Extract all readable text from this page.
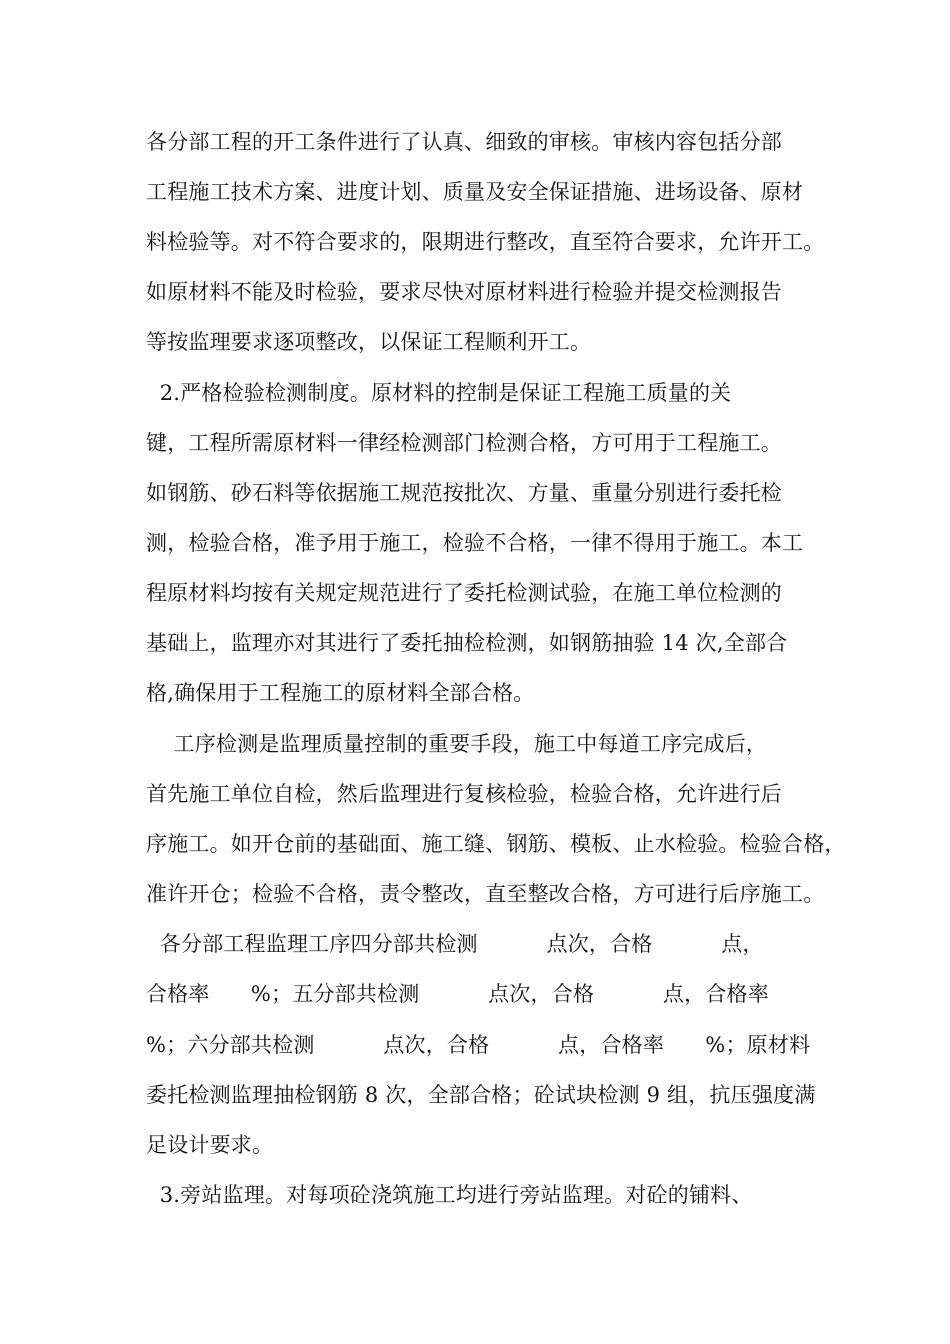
各分部工程的开工条件进行了认真、细致的审核。审核内容包括分部
工程施工技术方案、进度计划、质量及安全保证措施、进场设备、原材
料检验等。对不符合要求的，限期进行整改，直至符合要求，允许开工。
如原材料不能及时检验，要求尽快对原材料进行检验并提交检测报告
等按监理要求逐项整改，以保证工程顺利开工。
2.严格检验检测制度。原材料的控制是保证工程施工质量的关
键，工程所需原材料一律经检测部门检测合格，方可用于工程施工。
如钢筋、砂石料等依据施工规范按批次、方量、重量分别进行委托检
测，检验合格，准予用于施工，检验不合格，一律不得用于施工。本工
程原材料均按有关规定规范进行了委托检测试验，在施工单位检测的
基础上，监理亦对其进行了委托抽检检测，如钢筋抽验 14 次,全部合
格,确保用于工程施工的原材料全部合格。
工序检测是监理质量控制的重要手段，施工中每道工序完成后，
首先施工单位自检，然后监理进行复核检验，检验合格，允许进行后
序施工。如开仓前的基础面、施工缝、钢筋、模板、止水检验。检验合格，
准许开仓；检验不合格，责令整改，直至整改合格，方可进行后序施工。
各分部工程监理工序四分部共检测          点次，合格          点，
合格率      %；五分部共检测          点次，合格          点，合格率
%；六分部共检测          点次，合格          点，合格率      %；原材料
委托检测监理抽检钢筋 8 次，全部合格；砼试块检测 9 组，抗压强度满
足设计要求。
3.旁站监理。对每项砼浇筑施工均进行旁站监理。对砼的铺料、
